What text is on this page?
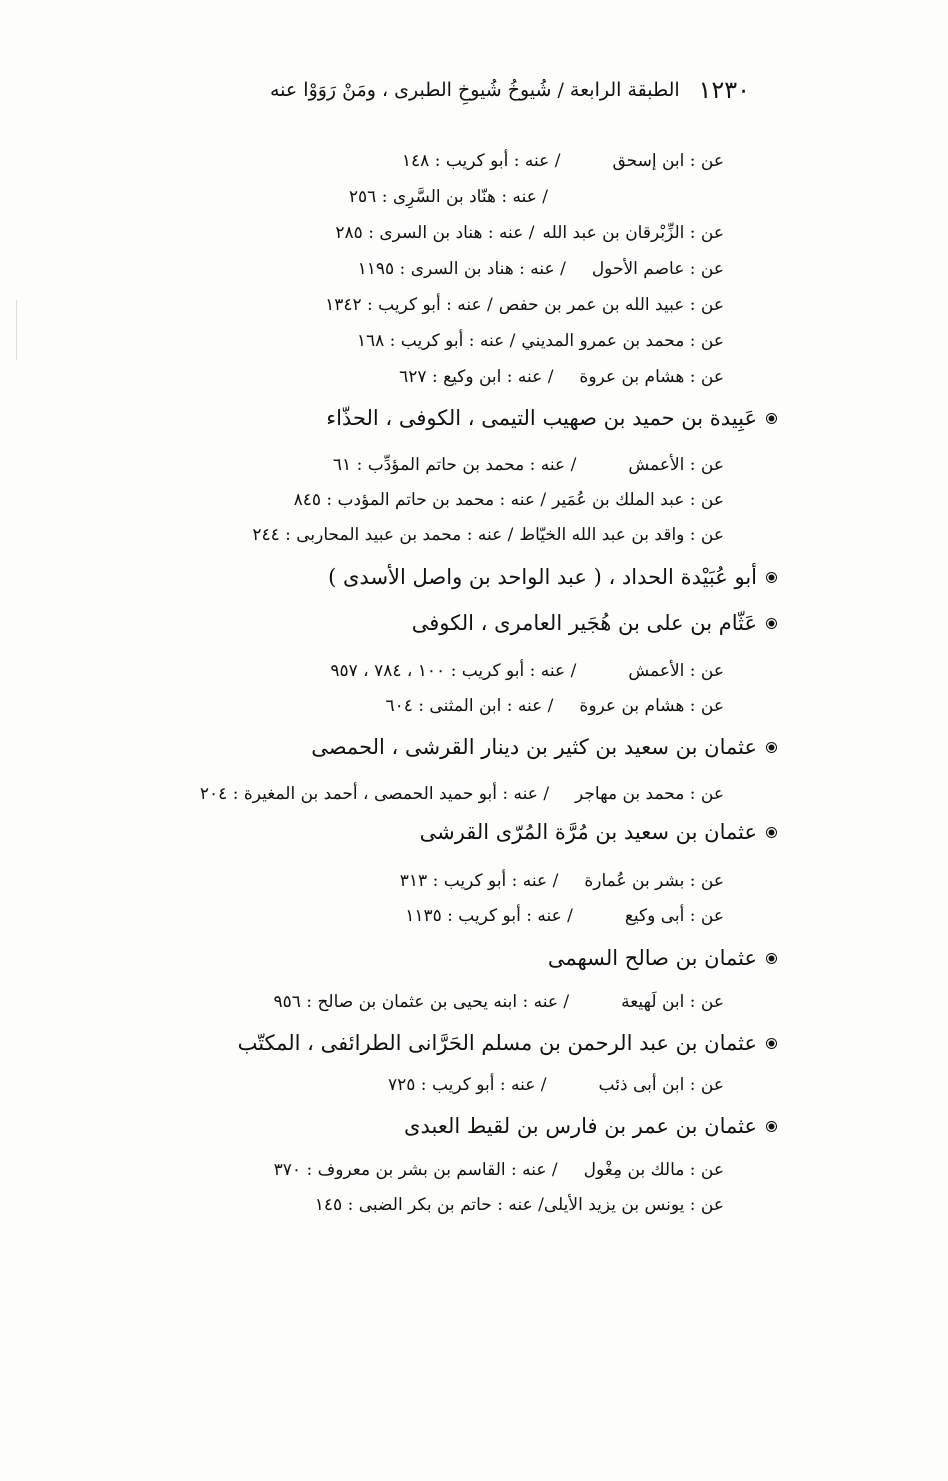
١٢٣٠
الطبقة الرابعة / شُيوخُ شُيوخِ الطبرى ، ومَنْ رَوَوْا عنه
عن : ابن إسحق/ عنه : أبو كريب : ١٤٨
/ عنه : هنّاد بن السَّرِى : ٢٥٦
عن : الزِّبْرقان بن عبد الله/ عنه : هناد بن السرى : ٢٨٥
عن : عاصم الأحول/ عنه : هناد بن السرى : ١١٩٥
عن : عبيد الله بن عمر بن حفص/ عنه : أبو كريب : ١٣٤٢
عن : محمد بن عمرو المديني/ عنه : أبو كريب : ١٦٨
عن : هشام بن عروة/ عنه : ابن وكيع : ٦٢٧
عَبِيدة بن حميد بن صهيب التيمى ، الكوفى ، الحذّاء
عن : الأعمش/ عنه : محمد بن حاتم المؤدِّب : ٦١
عن : عبد الملك بن عُمَير/ عنه : محمد بن حاتم المؤدب : ٨٤٥
عن : واقد بن عبد الله الخيّاط/ عنه : محمد بن عبيد المحاربى : ٢٤٤
أبو عُبَيْدة الحداد ، ( عبد الواحد بن واصل الأسدى )
عَثّام بن على بن هُجَير العامرى ، الكوفى
عن : الأعمش/ عنه : أبو كريب : ١٠٠ ، ٧٨٤ ، ٩٥٧
عن : هشام بن عروة/ عنه : ابن المثنى : ٦٠٤
عثمان بن سعيد بن كثير بن دينار القرشى ، الحمصى
عن : محمد بن مهاجر/ عنه : أبو حميد الحمصى ، أحمد بن المغيرة : ٢٠٤
عثمان بن سعيد بن مُرَّة المُرّى القرشى
عن : بشر بن عُمارة/ عنه : أبو كريب : ٣١٣
عن : أبى وكيع/ عنه : أبو كريب : ١١٣٥
عثمان بن صالح السهمى
عن : ابن لَهيعة/ عنه : ابنه يحيى بن عثمان بن صالح : ٩٥٦
عثمان بن عبد الرحمن بن مسلم الحَرَّانى الطرائفى ، المكتّب
عن : ابن أبى ذئب/ عنه : أبو كريب : ٧٢٥
عثمان بن عمر بن فارس بن لقيط العبدى
عن : مالك بن مِغْول/ عنه : القاسم بن بشر بن معروف : ٣٧٠
عن : يونس بن يزيد الأيلى/ عنه : حاتم بن بكر الضبى : ١٤٥
